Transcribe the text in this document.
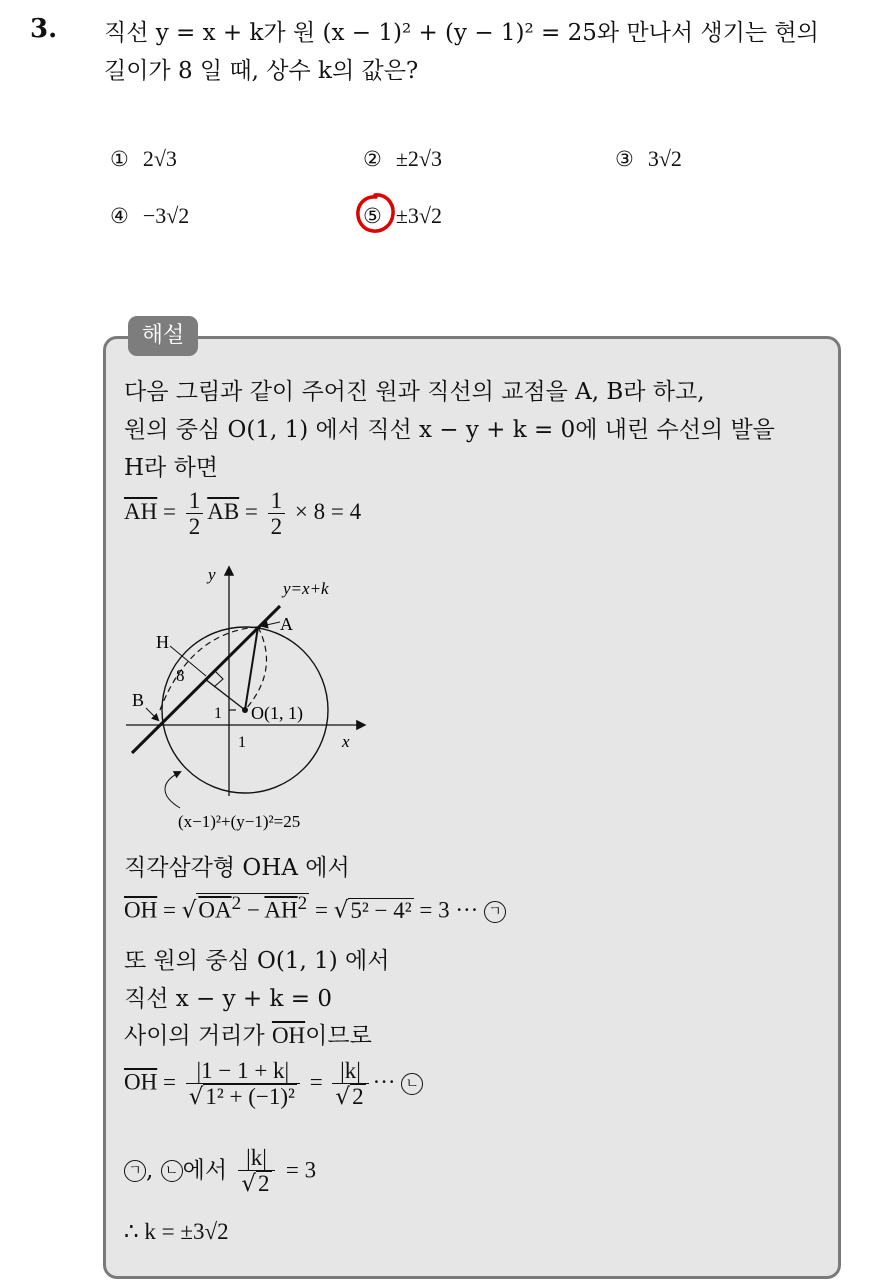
3. 직선 y = x + k가 원 (x − 1)² + (y − 1)² = 25와 만나서 생기는 현의
길이가 8 일 때, 상수 k의 값은?
① 2√3	② ±2√3	③ 3√2
④ −3√2	⑤ ±3√2
해설
다음 그림과 같이 주어진 원과 직선의 교점을 A, B라 하고,
원의 중심 O(1, 1) 에서 직선 x − y + k = 0에 내린 수선의 발을
H라 하면
$\overline{AH} = \frac{1}{2} \overline{AB} = \frac{1}{2} \times 8 = 4$
y
x
y=x+k
A
B
H
8
O(1, 1)
1
1
(x−1)²+(y−1)²=25
직각삼각형 OHA 에서
$\overline{OH} = √OA^2 - \overline{AH}^2 = √5^2 - 4^2 = 3$ ··· ㄱ
또 원의 중심 O(1, 1) 에서
직선 x − y + k = 0
사이의 거리가 $\overline{OH}$이므로
$\overline{OH} = \frac{|1 - 1 + k|}{\text{√1² + (−1)²}} = \frac{|k|}{√2}$ ··· ㄴ
ㄱ , ㄴ 에서 $\frac{|k|}{√2} = 3$
∴ k = ±3√2
